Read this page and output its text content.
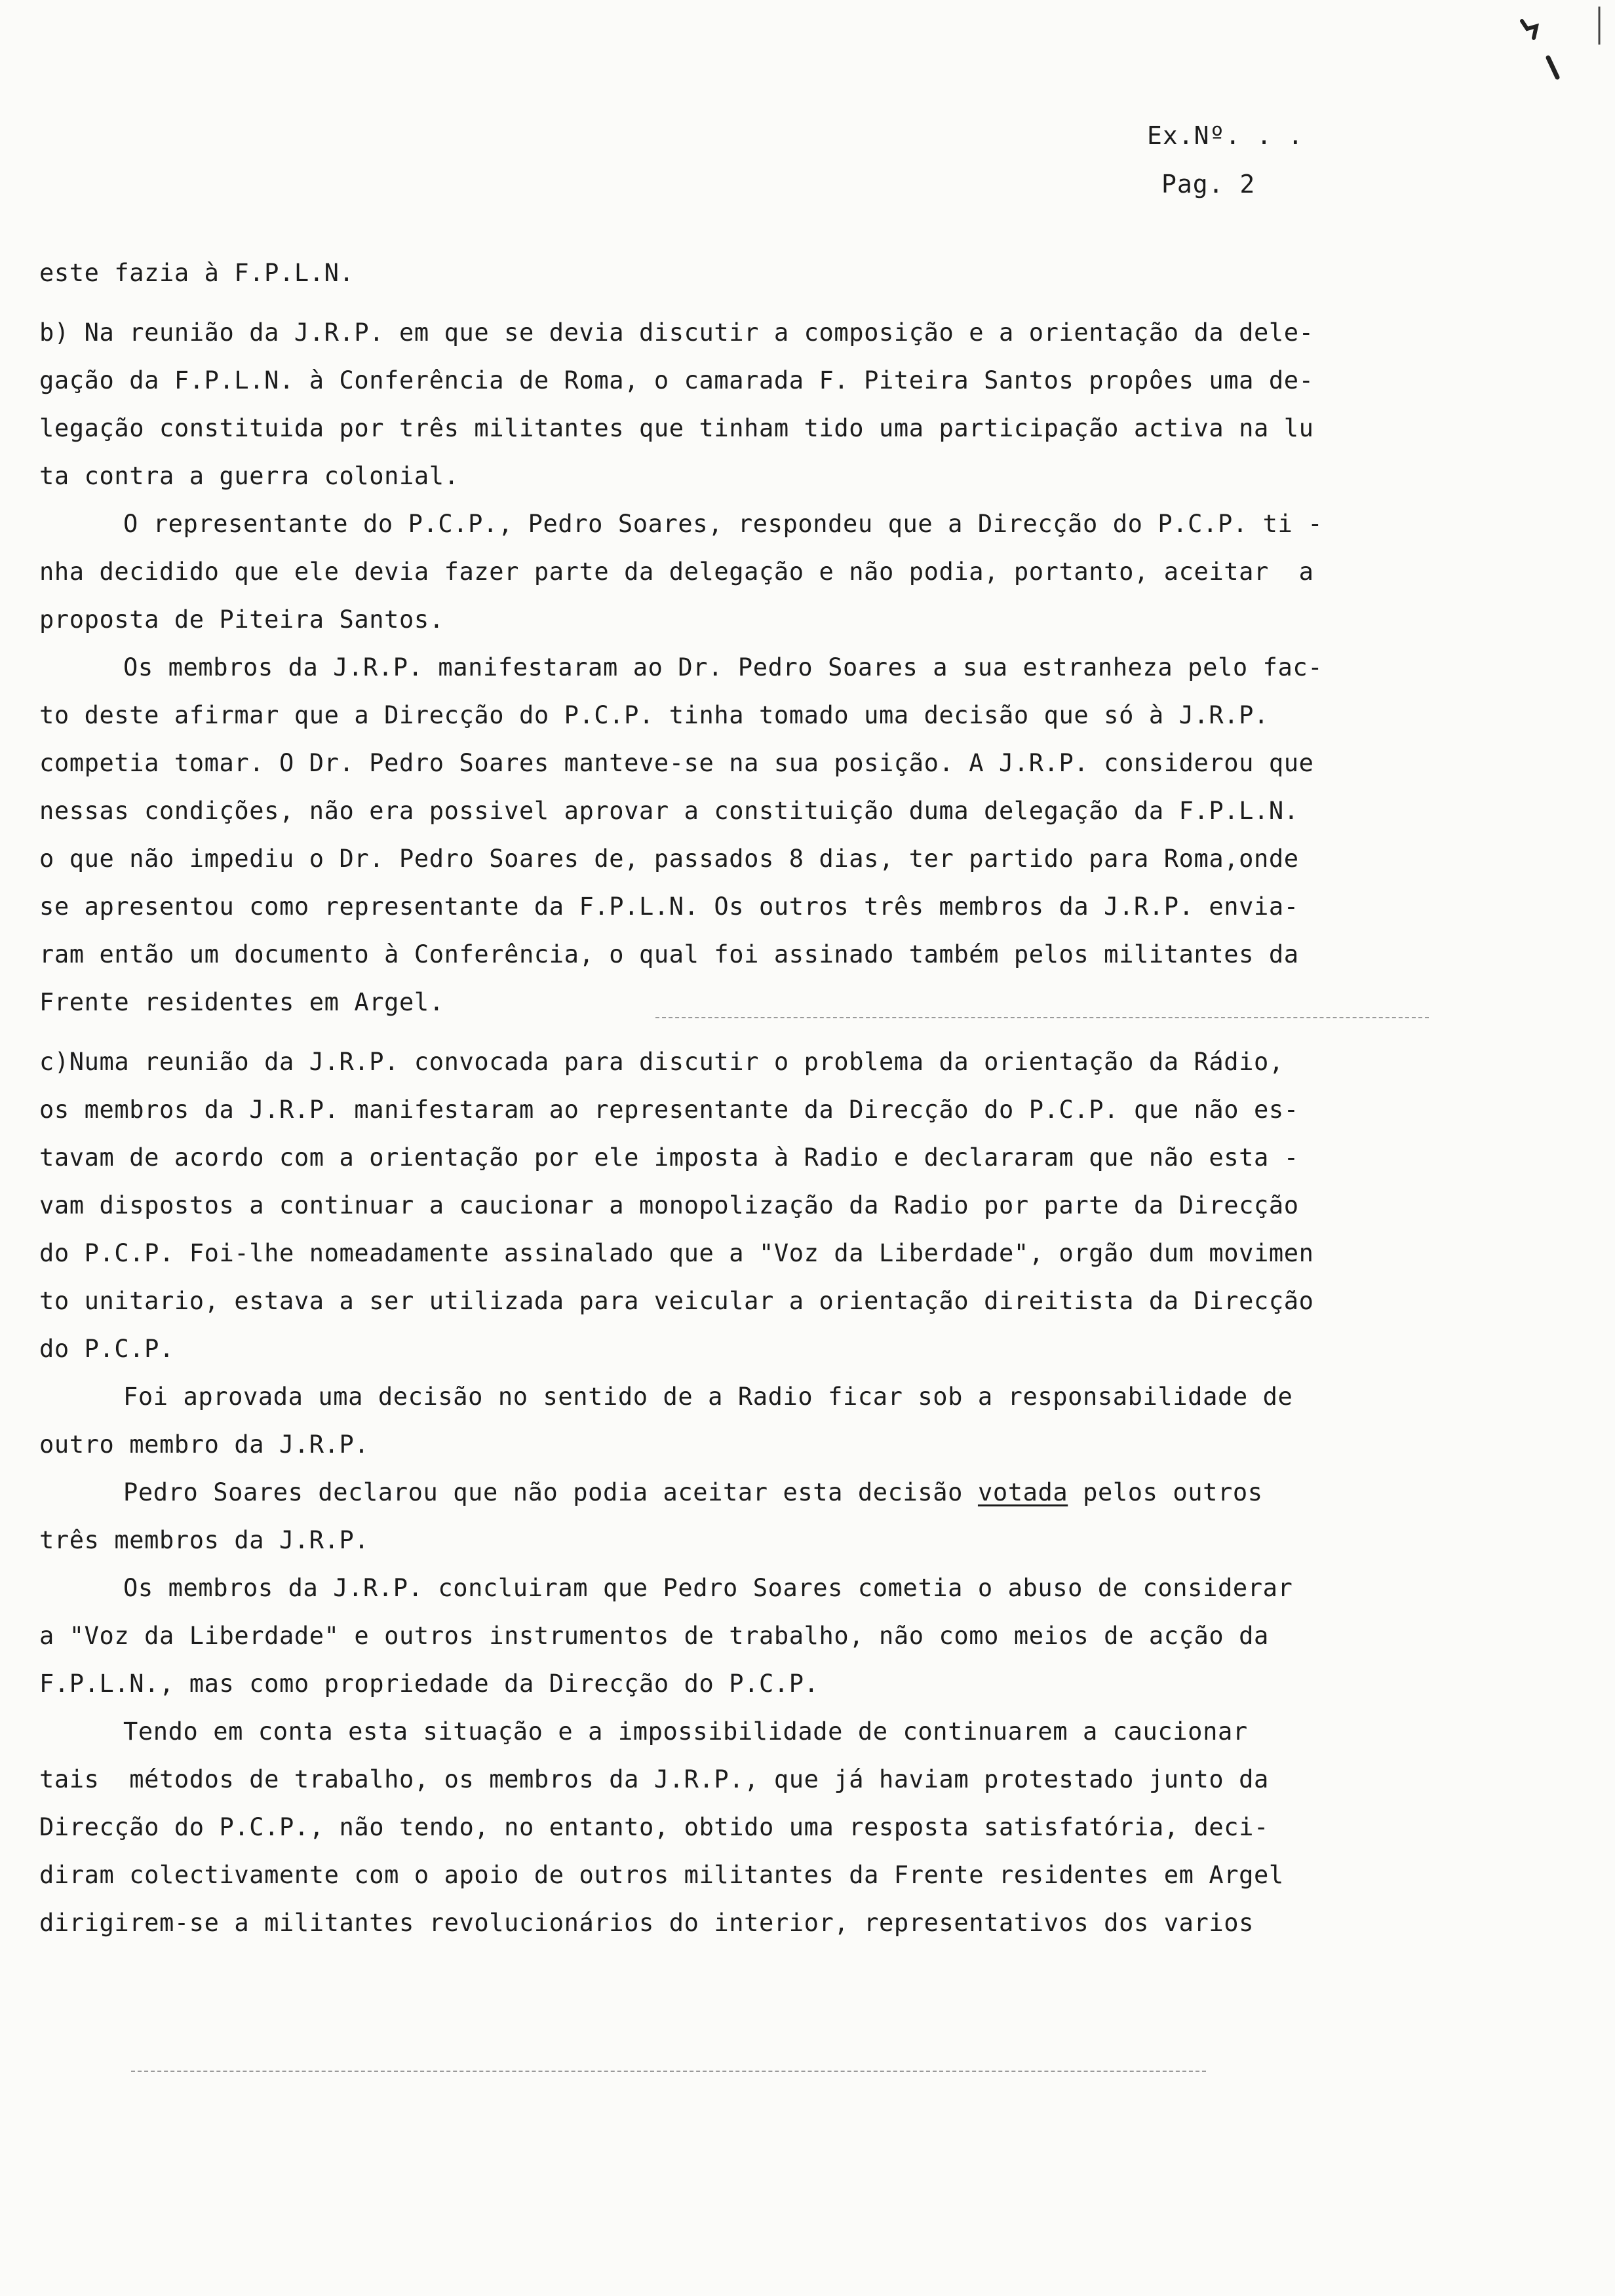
Ex.Nº. . .
Pag. 2
este fazia à F.P.L.N.
b) Na reunião da J.R.P. em que se devia discutir a composição e a orientação da dele-
gação da F.P.L.N. à Conferência de Roma, o camarada F. Piteira Santos propôes uma de-
legação constituida por três militantes que tinham tido uma participação activa na lu
ta contra a guerra colonial.
O representante do P.C.P., Pedro Soares, respondeu que a Direcção do P.C.P. ti -
nha decidido que ele devia fazer parte da delegação e não podia, portanto, aceitar  a
proposta de Piteira Santos.
Os membros da J.R.P. manifestaram ao Dr. Pedro Soares a sua estranheza pelo fac-
to deste afirmar que a Direcção do P.C.P. tinha tomado uma decisão que só à J.R.P.
competia tomar. O Dr. Pedro Soares manteve-se na sua posição. A J.R.P. considerou que
nessas condições, não era possivel aprovar a constituição duma delegação da F.P.L.N.
o que não impediu o Dr. Pedro Soares de, passados 8 dias, ter partido para Roma,onde
se apresentou como representante da F.P.L.N. Os outros três membros da J.R.P. envia-
ram então um documento à Conferência, o qual foi assinado também pelos militantes da
Frente residentes em Argel.
c)Numa reunião da J.R.P. convocada para discutir o problema da orientação da Rádio,
os membros da J.R.P. manifestaram ao representante da Direcção do P.C.P. que não es-
tavam de acordo com a orientação por ele imposta à Radio e declararam que não esta -
vam dispostos a continuar a caucionar a monopolização da Radio por parte da Direcção
do P.C.P. Foi-lhe nomeadamente assinalado que a "Voz da Liberdade", orgão dum movimen
to unitario, estava a ser utilizada para veicular a orientação direitista da Direcção
do P.C.P.
Foi aprovada uma decisão no sentido de a Radio ficar sob a responsabilidade de
outro membro da J.R.P.
Pedro Soares declarou que não podia aceitar esta decisão votada pelos outros
três membros da J.R.P.
Os membros da J.R.P. concluiram que Pedro Soares cometia o abuso de considerar
a "Voz da Liberdade" e outros instrumentos de trabalho, não como meios de acção da
F.P.L.N., mas como propriedade da Direcção do P.C.P.
Tendo em conta esta situação e a impossibilidade de continuarem a caucionar
tais  métodos de trabalho, os membros da J.R.P., que já haviam protestado junto da
Direcção do P.C.P., não tendo, no entanto, obtido uma resposta satisfatória, deci-
diram colectivamente com o apoio de outros militantes da Frente residentes em Argel
dirigirem-se a militantes revolucionários do interior, representativos dos varios
